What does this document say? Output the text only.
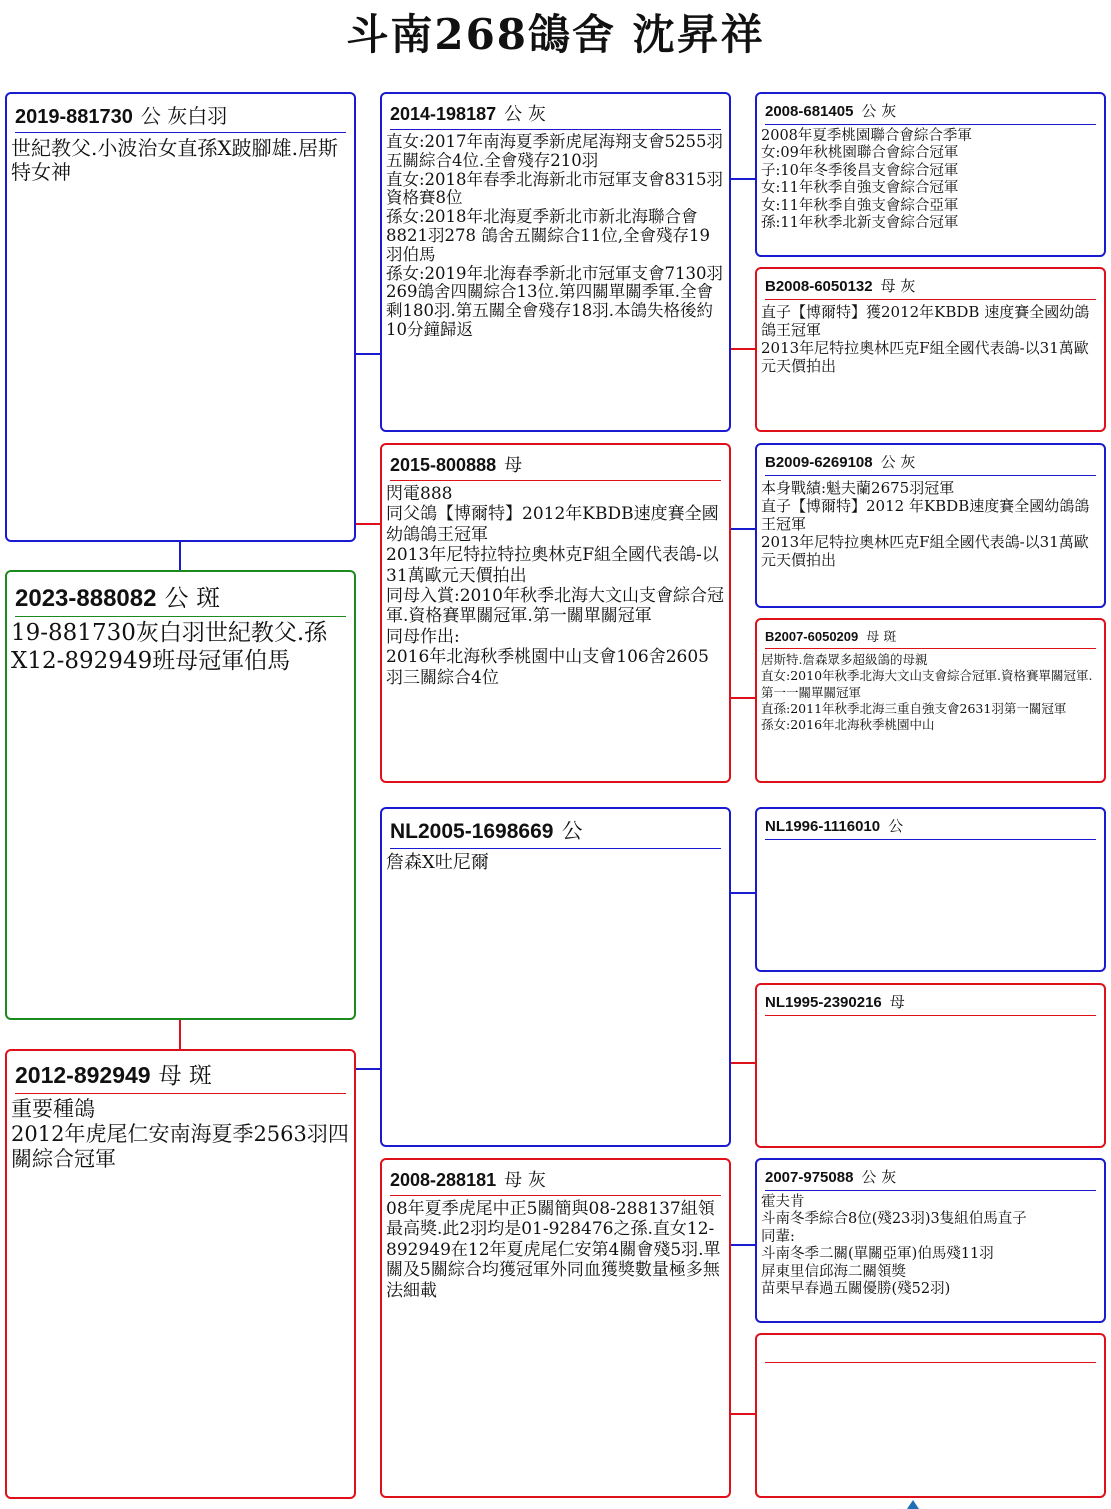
斗南268鴿舍 沈昇祥
2019-881730 公 灰白羽
世紀教父.小波治女直孫X跛腳雄.居斯特女神
2023-888082 公 斑
19-881730灰白羽世紀教父.孫X12-892949班母冠軍伯馬
2012-892949 母 斑
重要種鴿
2012年虎尾仁安南海夏季2563羽四關綜合冠軍
2014-198187 公 灰
直女:2017年南海夏季新虎尾海翔支會5255羽五關綜合4位.全會殘存210羽
直女:2018年春季北海新北市冠軍支會8315羽資格賽8位
孫女:2018年北海夏季新北市新北海聯合會8821羽278 鴿舍五關綜合11位,全會殘存19羽伯馬
孫女:2019年北海春季新北市冠軍支會7130羽269鴿舍四關綜合13位.第四關單關季軍.全會剩180羽.第五關全會殘存18羽.本鴿失格後約10分鐘歸返
2015-800888 母
閃電888
同父鴿【博爾特】2012年KBDB速度賽全國幼鴿鴿王冠軍
2013年尼特拉特拉奧林克F組全國代表鴿-以31萬歐元天價拍出
同母入賞:2010年秋季北海大文山支會綜合冠軍.資格賽單關冠軍.第一關單關冠軍
同母作出:
2016年北海秋季桃園中山支會106舍2605羽三關綜合4位
NL2005-1698669 公
詹森X吐尼爾
2008-288181 母 灰
08年夏季虎尾中正5關簡與08-288137組領最高獎.此2羽均是01-928476之孫.直女12-892949在12年夏虎尾仁安第4關會殘5羽.單關及5關綜合均獲冠軍外同血獲獎數量極多無法細載
2008-681405 公 灰
2008年夏季桃園聯合會綜合季軍
女:09年秋桃園聯合會綜合冠軍
子:10年冬季後昌支會綜合冠軍
女:11年秋季自強支會綜合冠軍
女:11年秋季自強支會綜合亞軍
孫:11年秋季北新支會綜合冠軍
B2008-6050132 母 灰
直子【博爾特】獲2012年KBDB 速度賽全國幼鴿鴿王冠軍
2013年尼特拉奧林匹克F組全國代表鴿-以31萬歐元天價拍出
B2009-6269108 公 灰
本身戰績:魁夫蘭2675羽冠軍
直子【博爾特】2012 年KBDB速度賽全國幼鴿鴿王冠軍
2013年尼特拉奧林匹克F組全國代表鴿-以31萬歐元天價拍出
B2007-6050209 母 斑
居斯特.詹森眾多超級鴿的母親
直女:2010年秋季北海大文山支會綜合冠軍.資格賽單關冠軍.第一一關單關冠軍
直孫:2011年秋季北海三重自強支會2631羽第一關冠軍
孫女:2016年北海秋季桃園中山
NL1996-1116010 公
NL1995-2390216 母
2007-975088 公 灰
霍夫肯
斗南冬季綜合8位(殘23羽)3隻組伯馬直子
同輩:
斗南冬季二關(單關亞軍)伯馬殘11羽
屏東里信邱海二關領獎
苗栗早春過五關優勝(殘52羽)
